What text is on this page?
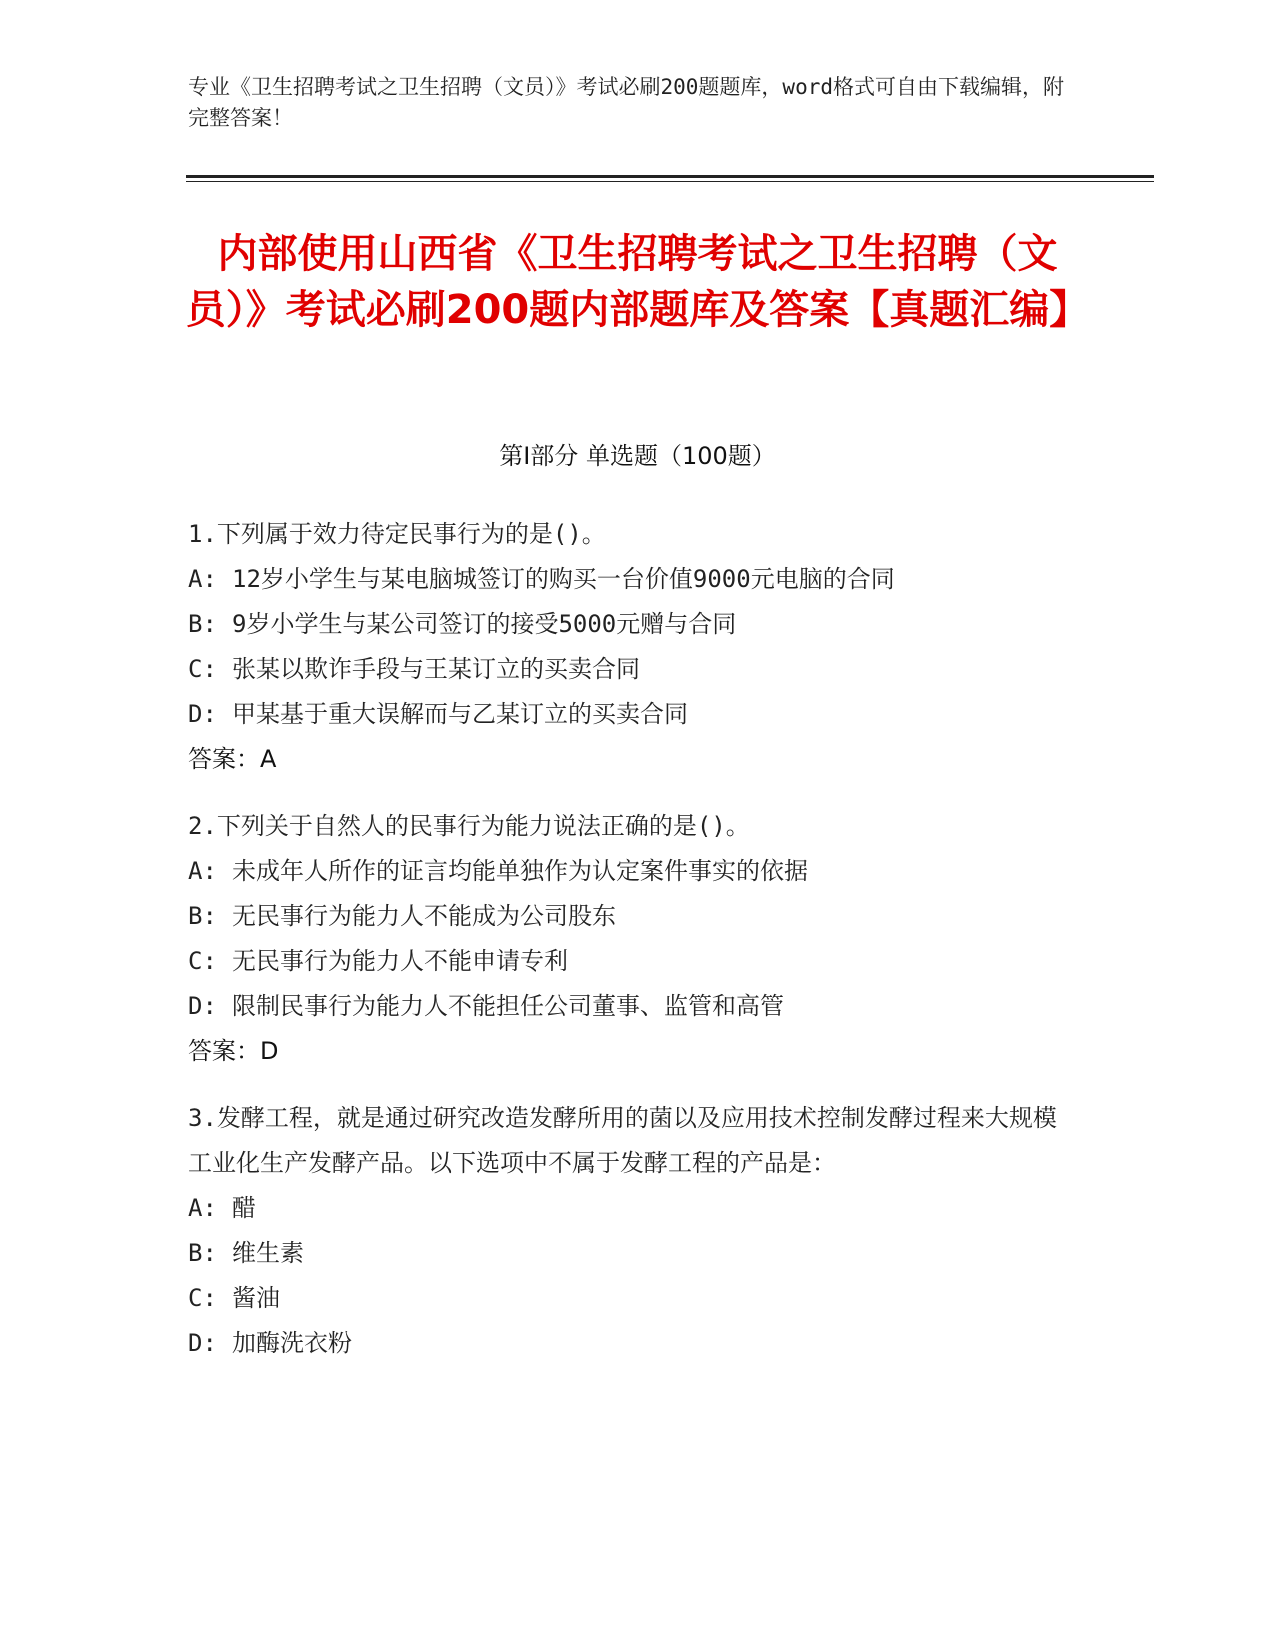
专业《卫生招聘考试之卫生招聘（文员）》考试必刷200题题库，word格式可自由下载编辑，附完整答案！
内部使用山西省《卫生招聘考试之卫生招聘（文员）》考试必刷200题内部题库及答案【真题汇编】
第I部分 单选题（100题）

1.下列属于效力待定民事行为的是()。

A: 12岁小学生与某电脑城签订的购买一台价值9000元电脑的合同

B: 9岁小学生与某公司签订的接受5000元赠与合同

C: 张某以欺诈手段与王某订立的买卖合同

D: 甲某基于重大误解而与乙某订立的买卖合同

答案：A

2.下列关于自然人的民事行为能力说法正确的是()。

A: 未成年人所作的证言均能单独作为认定案件事实的依据

B: 无民事行为能力人不能成为公司股东

C: 无民事行为能力人不能申请专利

D: 限制民事行为能力人不能担任公司董事、监管和高管

答案：D

3.发酵工程，就是通过研究改造发酵所用的菌以及应用技术控制发酵过程来大规模工业化生产发酵产品。以下选项中不属于发酵工程的产品是：

A: 醋

B: 维生素

C: 酱油

D: 加酶洗衣粉
